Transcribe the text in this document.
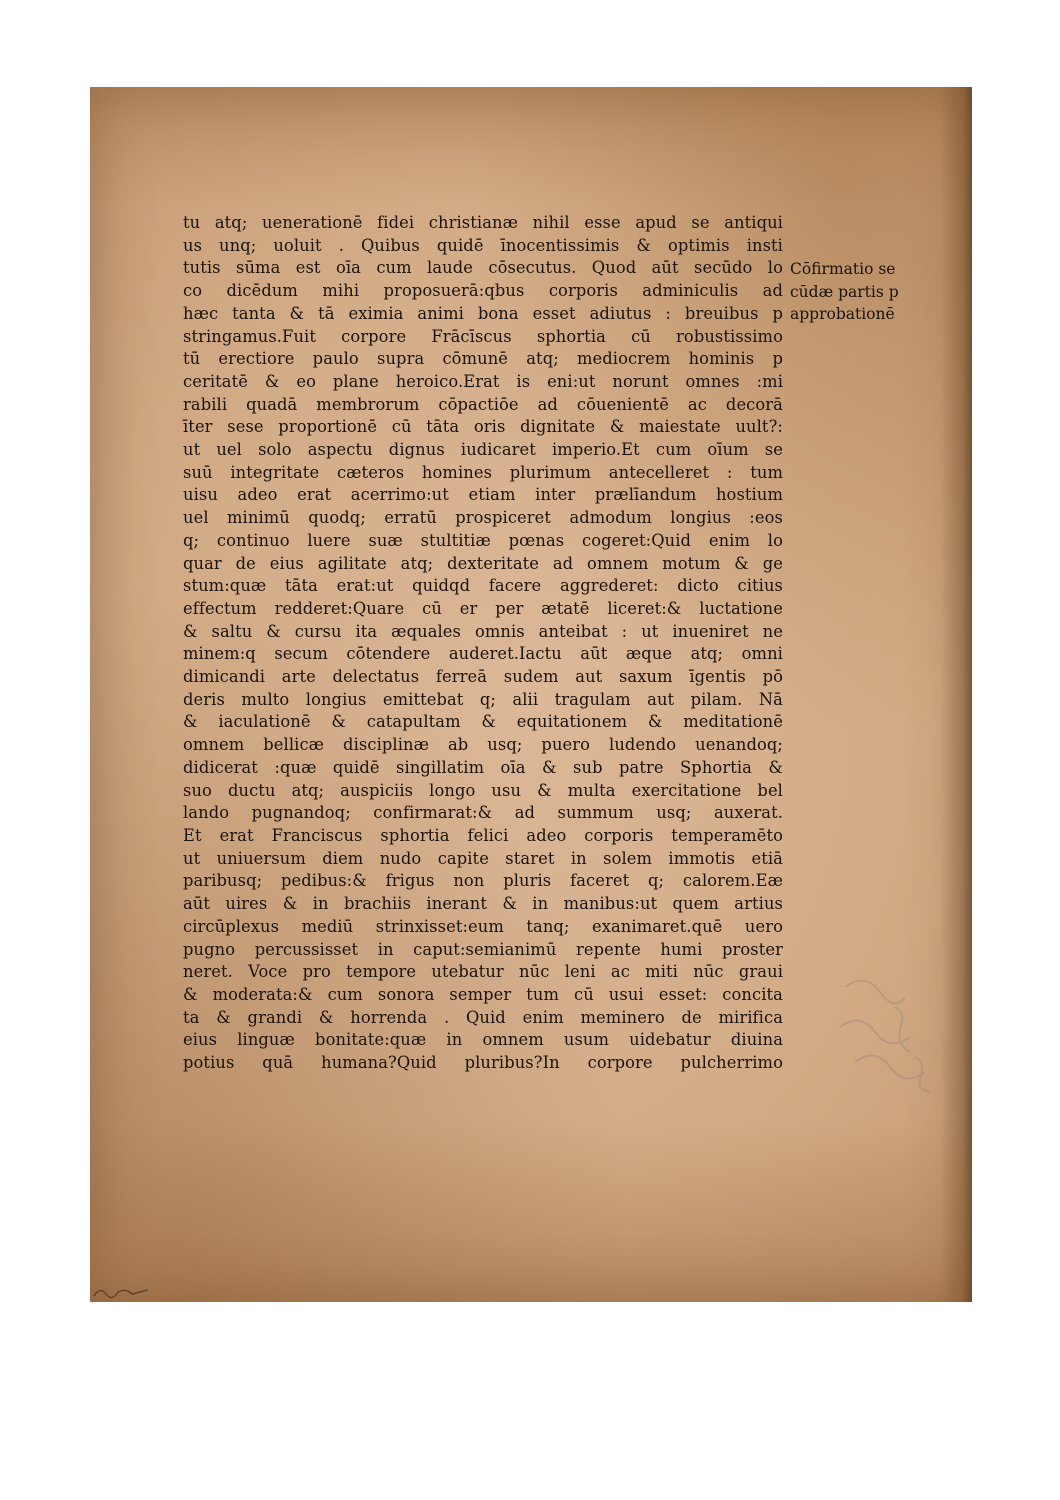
tu atq; uenerationē fidei christianæ nihil esse apud se antiqui
us unq; uoluit . Quibus quidē īnocentissimis & optimis insti
tutis sūma est oīa cum laude cōsecutus. Quod aūt secūdo lo
co dicēdum mihi proposuerā:qbus corporis adminiculis ad
hæc tanta & tā eximia animi bona esset adiutus : breuibus p
stringamus.Fuit corpore Frācīscus sphortia cū robustissimo
tū erectiore paulo supra cōmunē atq; mediocrem hominis p
ceritatē & eo plane heroico.Erat is eni:ut norunt omnes :mi
rabili quadā membrorum cōpactiōe ad cōuenientē ac decorā
īter sese proportionē cū tāta oris dignitate & maiestate uult?:
ut uel solo aspectu dignus iudicaret imperio.Et cum oīum se
suū integritate cæteros homines plurimum antecelleret : tum
uisu adeo erat acerrimo:ut etiam inter prælīandum hostium
uel minimū quodq; erratū prospiceret admodum longius :eos
q; continuo luere suæ stultitiæ pœnas cogeret:Quid enim lo
quar de eius agilitate atq; dexteritate ad omnem motum & ge
stum:quæ tāta erat:ut quidqd facere aggrederet: dicto citius
effectum redderet:Quare cū er per ætatē liceret:& luctatione
& saltu & cursu ita æquales omnis anteibat : ut inueniret ne
minem:q secum cōtendere auderet.Iactu aūt æque atq; omni
dimicandi arte delectatus ferreā sudem aut saxum īgentis pō
deris multo longius emittebat q; alii tragulam aut pilam. Nā
& iaculationē & catapultam & equitationem & meditationē
omnem bellicæ disciplinæ ab usq; puero ludendo uenandoq;
didicerat :quæ quidē singillatim oīa & sub patre Sphortia &
suo ductu atq; auspiciis longo usu & multa exercitatione bel
lando pugnandoq; confirmarat:& ad summum usq; auxerat.
Et erat Franciscus sphortia felici adeo corporis temperamēto
ut uniuersum diem nudo capite staret in solem immotis etiā
paribusq; pedibus:& frigus non pluris faceret q; calorem.Eæ
aūt uires & in brachiis inerant & in manibus:ut quem artius
circūplexus mediū strinxisset:eum tanq; exanimaret.quē uero
pugno percussisset in caput:semianimū repente humi proster
neret. Voce pro tempore utebatur nūc leni ac miti nūc graui
& moderata:& cum sonora semper tum cū usui esset: concita
ta & grandi & horrenda . Quid enim meminero de mirifica
eius linguæ bonitate:quæ in omnem usum uidebatur diuina
potius quā humana?Quid pluribus?In corpore pulcherrimo
Cōfirmatio se
cūdæ partis p
approbationē
